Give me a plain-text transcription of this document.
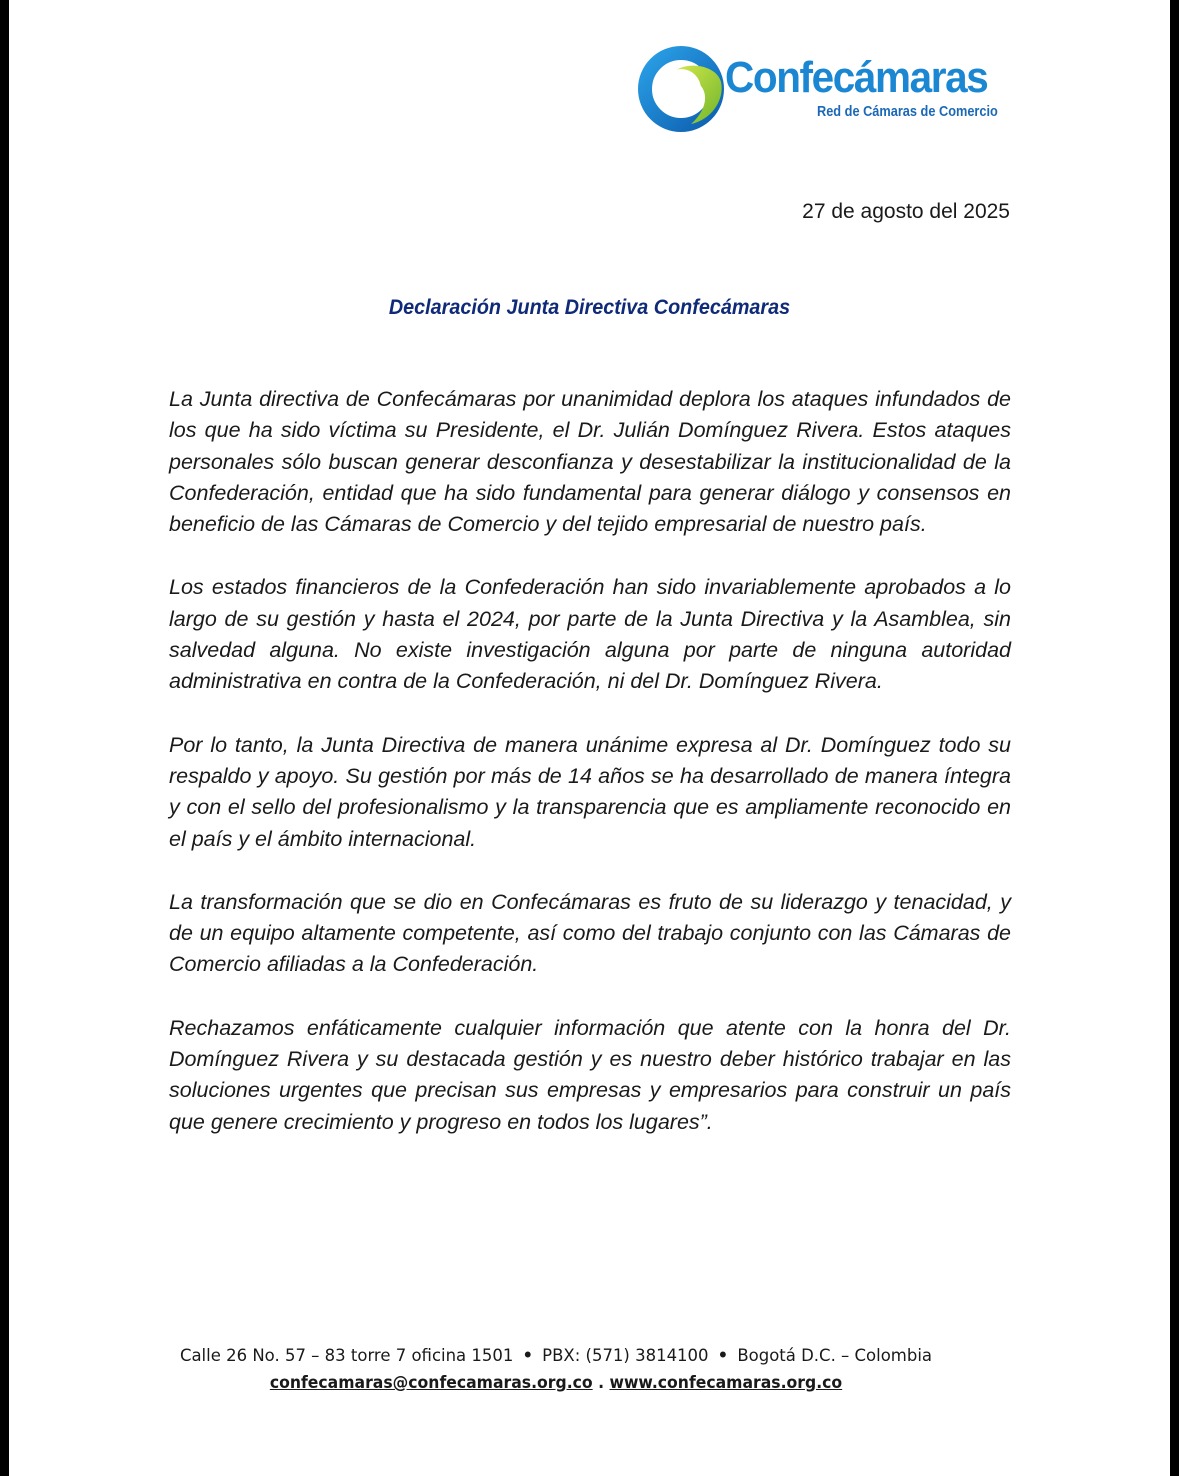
Confecámaras
Red de Cámaras de Comercio
27 de agosto del 2025
Declaración Junta Directiva Confecámaras

La Junta directiva de Confecámaras por unanimidad deplora los ataques infundados de los que ha sido víctima su Presidente, el Dr. Julián Domínguez Rivera. Estos ataques personales sólo buscan generar desconfianza y desestabilizar la institucionalidad de la Confederación, entidad que ha sido fundamental para generar diálogo y consensos en beneficio de las Cámaras de Comercio y del tejido empresarial de nuestro país.

Los estados financieros de la Confederación han sido invariablemente aprobados a lo largo de su gestión y hasta el 2024, por parte de la Junta Directiva y la Asamblea, sin salvedad alguna. No existe investigación alguna por parte de ninguna autoridad administrativa en contra de la Confederación, ni del Dr. Domínguez Rivera.

Por lo tanto, la Junta Directiva de manera unánime expresa al Dr. Domínguez todo su respaldo y apoyo. Su gestión por más de 14 años se ha desarrollado de manera íntegra y con el sello del profesionalismo y la transparencia que es ampliamente reconocido en el país y el ámbito internacional.

La transformación que se dio en Confecámaras es fruto de su liderazgo y tenacidad, y de un equipo altamente competente, así como del trabajo conjunto con las Cámaras de Comercio afiliadas a la Confederación.

Rechazamos enfáticamente cualquier información que atente con la honra del Dr. Domínguez Rivera y su destacada gestión y es nuestro deber histórico trabajar en las soluciones urgentes que precisan sus empresas y empresarios para construir un país que genere crecimiento y progreso en todos los lugares”.

Calle 26 No. 57 – 83 torre 7 oficina 1501 • PBX: (571) 3814100 • Bogotá D.C. – Colombia
confecamaras@confecamaras.org.co . www.confecamaras.org.co
